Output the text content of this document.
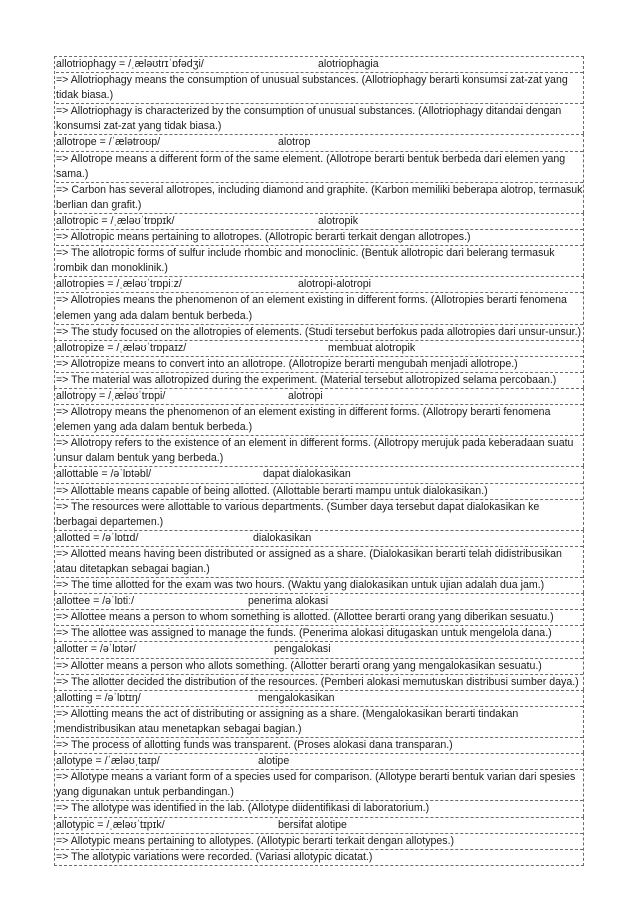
allotriophagy = /ˌæləʊtrɪˈɒfədʒi/	alotriophagia
=> Allotriophagy means the consumption of unusual substances. (Allotriophagy berarti konsumsi zat-zat yang tidak biasa.)
=> Allotriophagy is characterized by the consumption of unusual substances. (Allotriophagy ditandai dengan konsumsi zat-zat yang tidak biasa.)
allotrope = /ˈælətroʊp/	alotrop
=> Allotrope means a different form of the same element. (Allotrope berarti bentuk berbeda dari elemen yang sama.)
=> Carbon has several allotropes, including diamond and graphite. (Karbon memiliki beberapa alotrop, termasuk berlian dan grafit.)
allotropic = /ˌæləʊˈtrɒpɪk/	alotropik
=> Allotropic means pertaining to allotropes. (Allotropic berarti terkait dengan allotropes.)
=> The allotropic forms of sulfur include rhombic and monoclinic. (Bentuk allotropic dari belerang termasuk rombik dan monoklinik.)
allotropies = /ˌæləʊˈtrɒpiːz/	alotropi-alotropi
=> Allotropies means the phenomenon of an element existing in different forms. (Allotropies berarti fenomena elemen yang ada dalam bentuk berbeda.)
=> The study focused on the allotropies of elements. (Studi tersebut berfokus pada allotropies dari unsur-unsur.)
allotropize = /ˌæləʊˈtrɒpaɪz/	membuat alotropik
=> Allotropize means to convert into an allotrope. (Allotropize berarti mengubah menjadi allotrope.)
=> The material was allotropized during the experiment. (Material tersebut allotropized selama percobaan.)
allotropy = /ˌæləʊˈtrɒpi/	alotropi
=> Allotropy means the phenomenon of an element existing in different forms. (Allotropy berarti fenomena elemen yang ada dalam bentuk berbeda.)
=> Allotropy refers to the existence of an element in different forms. (Allotropy merujuk pada keberadaan suatu unsur dalam bentuk yang berbeda.)
allottable = /əˈlɒtəbl/	dapat dialokasikan
=> Allottable means capable of being allotted. (Allottable berarti mampu untuk dialokasikan.)
=> The resources were allottable to various departments. (Sumber daya tersebut dapat dialokasikan ke berbagai departemen.)
allotted = /əˈlɒtɪd/	dialokasikan
=> Allotted means having been distributed or assigned as a share. (Dialokasikan berarti telah didistribusikan atau ditetapkan sebagai bagian.)
=> The time allotted for the exam was two hours. (Waktu yang dialokasikan untuk ujian adalah dua jam.)
allottee = /əˈlɒtiː/	penerima alokasi
=> Allottee means a person to whom something is allotted. (Allottee berarti orang yang diberikan sesuatu.)
=> The allottee was assigned to manage the funds. (Penerima alokasi ditugaskan untuk mengelola dana.)
allotter = /əˈlɒtər/	pengalokasi
=> Allotter means a person who allots something. (Allotter berarti orang yang mengalokasikan sesuatu.)
=> The allotter decided the distribution of the resources. (Pemberi alokasi memutuskan distribusi sumber daya.)
allotting = /əˈlɒtɪŋ/	mengalokasikan
=> Allotting means the act of distributing or assigning as a share. (Mengalokasikan berarti tindakan mendistribusikan atau menetapkan sebagai bagian.)
=> The process of allotting funds was transparent. (Proses alokasi dana transparan.)
allotype = /ˈæləʊˌtaɪp/	alotipe
=> Allotype means a variant form of a species used for comparison. (Allotype berarti bentuk varian dari spesies yang digunakan untuk perbandingan.)
=> The allotype was identified in the lab. (Allotype diidentifikasi di laboratorium.)
allotypic = /ˌæləʊˈtɪpɪk/	bersifat alotipe
=> Allotypic means pertaining to allotypes. (Allotypic berarti terkait dengan allotypes.)
=> The allotypic variations were recorded. (Variasi allotypic dicatat.)
